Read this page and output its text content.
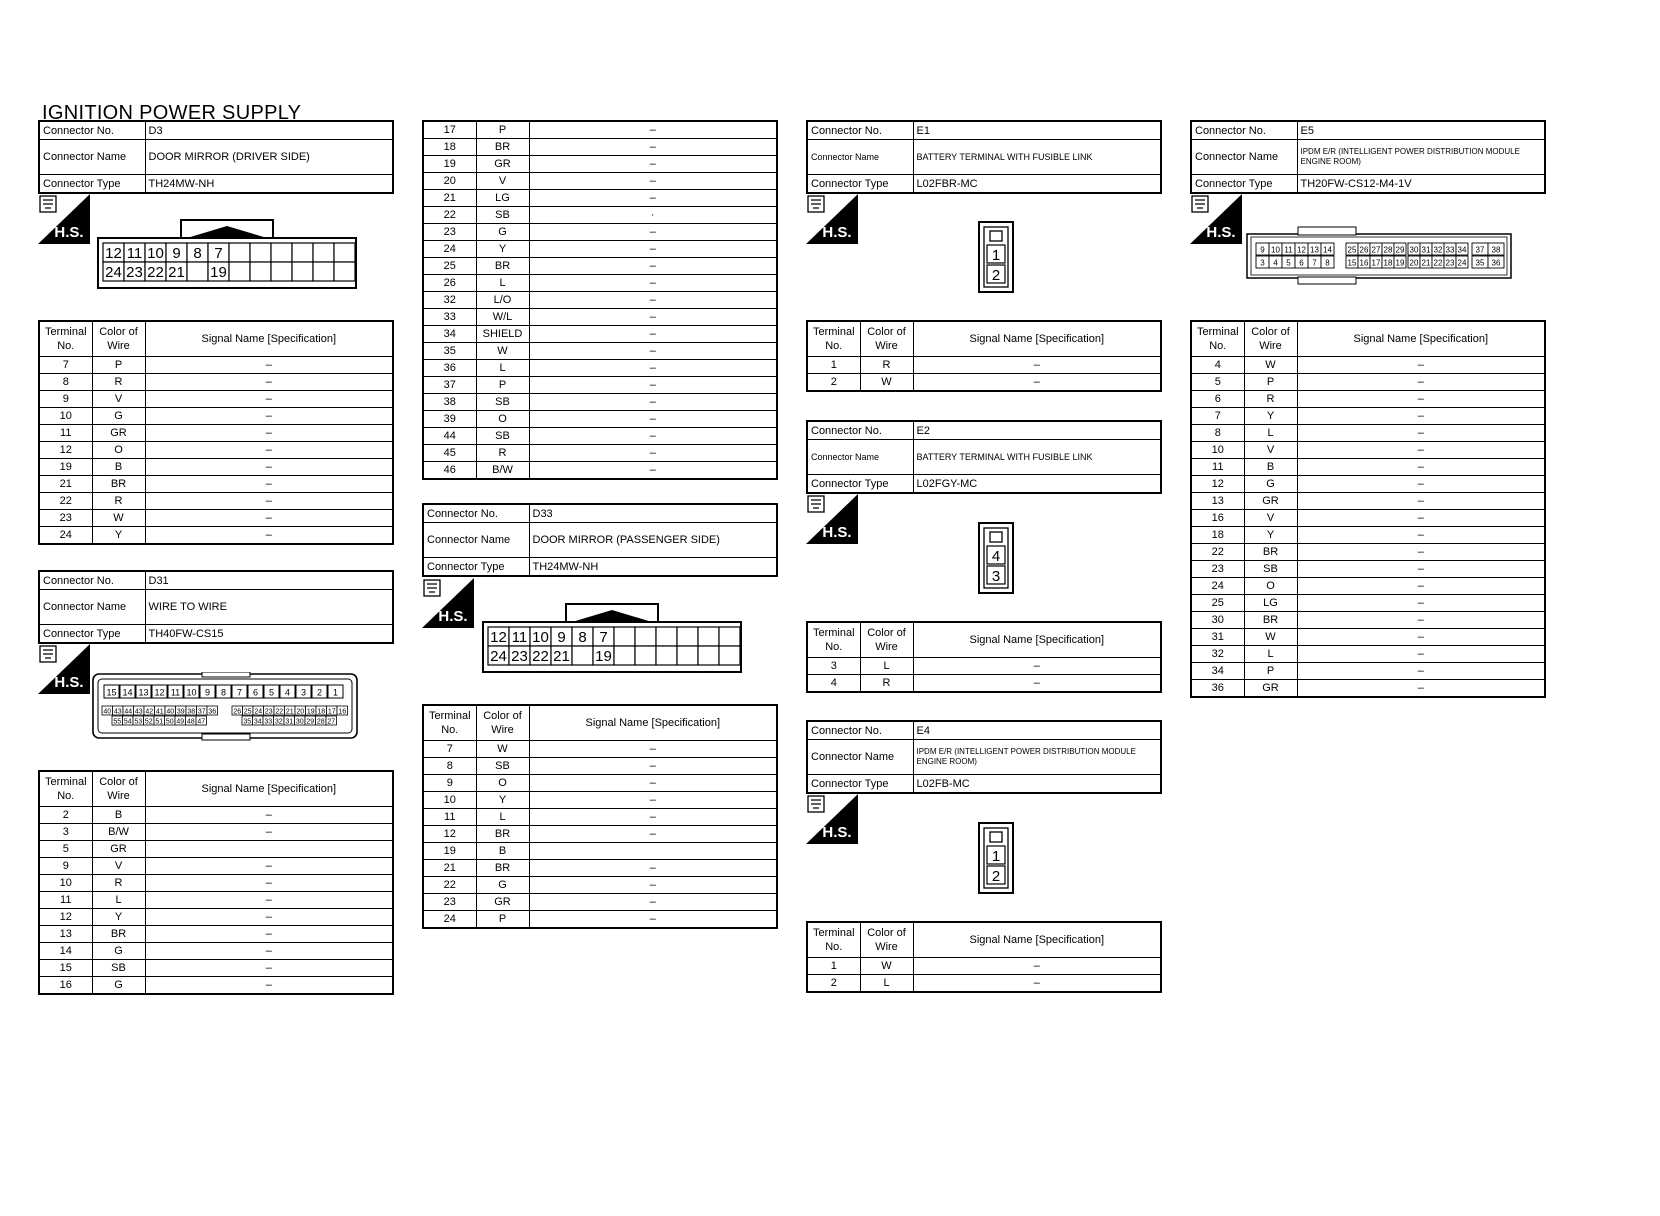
IGNITION POWER SUPPLY
Connector No.	D3
Connector Name	DOOR MIRROR (DRIVER SIDE)
Connector Type	TH24MW-NH
H.S.
12 11 10 9 8 7
24 23 22 21 19
Terminal No.	Color of Wire	Signal Name [Specification]
7	P	–
8	R	–
9	V	–
10	G	–
11	GR	–
12	O	–
19	B	–
21	BR	–
22	R	–
23	W	–
24	Y	–
Connector No.	D31
Connector Name	WIRE TO WIRE
Connector Type	TH40FW-CS15
H.S.
15 14 13 12 11 10 9 8 7 6 5 4 3 2 1
40 43 44 43 42 41 40 39 38 37 36 26 25 24 23 22 21 20 19 18 17 16
55 54 53 52 51 50 49 48 47	35 34 33 32 31 30 29 28 27
Terminal No.	Color of Wire	Signal Name [Specification]
2	B	–
3	B/W	–
5	GR	
9	V	–
10	R	–
11	L	–
12	Y	–
13	BR	–
14	G	–
15	SB	–
16	G	–
17	P	–
18	BR	–
19	GR	–
20	V	–
21	LG	–
22	SB	·
23	G	–
24	Y	–
25	BR	–
26	L	–
32	L/O	–
33	W/L	–
34	SHIELD	–
35	W	–
36	L	–
37	P	–
38	SB	–
39	O	–
44	SB	–
45	R	–
46	B/W	–
Connector No.	D33
Connector Name	DOOR MIRROR (PASSENGER SIDE)
Connector Type	TH24MW-NH
H.S.
12 11 10 9 8 7
24 23 22 21 19
Terminal No.	Color of Wire	Signal Name [Specification]
7	W	–
8	SB	–
9	O	–
10	Y	–
11	L	–
12	BR	–
19	B	
21	BR	–
22	G	–
23	GR	–
24	P	–
Connector No.	E1
Connector Name	BATTERY TERMINAL WITH FUSIBLE LINK
Connector Type	L02FBR-MC
H.S.
1
2
Terminal No.	Color of Wire	Signal Name [Specification]
1	R	–
2	W	–
Connector No.	E2
Connector Name	BATTERY TERMINAL WITH FUSIBLE LINK
Connector Type	L02FGY-MC
H.S.
4
3
Terminal No.	Color of Wire	Signal Name [Specification]
3	L	–
4	R	–
Connector No.	E4
Connector Name	IPDM E/R (INTELLIGENT POWER DISTRIBUTION MODULE ENGINE ROOM)
Connector Type	L02FB-MC
H.S.
1
2
Terminal No.	Color of Wire	Signal Name [Specification]
1	W	–
2	L	–
Connector No.	E5
Connector Name	IPDM E/R (INTELLIGENT POWER DISTRIBUTION MODULE ENGINE ROOM)
Connector Type	TH20FW-CS12-M4-1V
H.S.
9 10 11 12 13 14
3 4 5 6 7 8
25 26 27 28 29
15 16 17 18 19
30 31 32 33 34
20 21 22 23 24
37 38
35 36
Terminal No.	Color of Wire	Signal Name [Specification]
4	W	–
5	P	–
6	R	–
7	Y	–
8	L	–
10	V	–
11	B	–
12	G	–
13	GR	–
16	V	–
18	Y	–
22	BR	–
23	SB	–
24	O	–
25	LG	–
30	BR	–
31	W	–
32	L	–
34	P	–
36	GR	–
